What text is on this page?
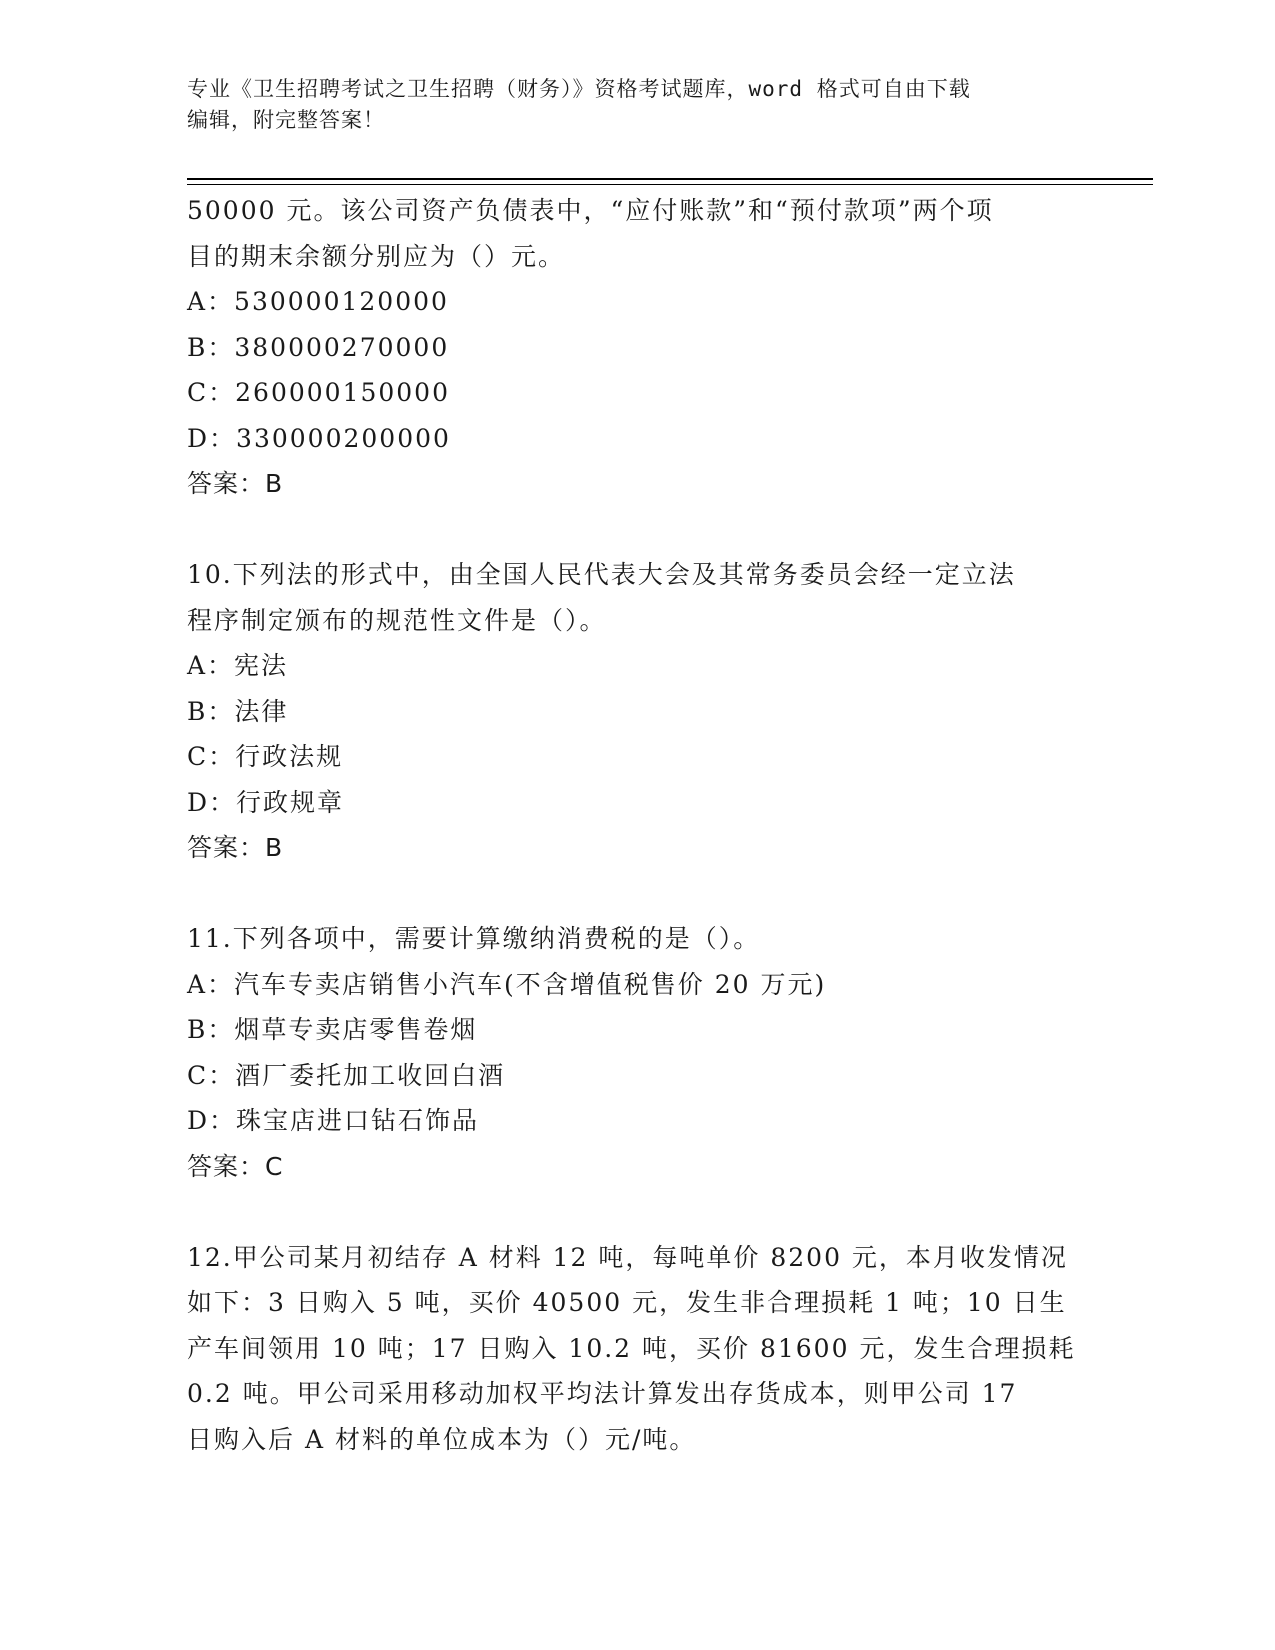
专业《卫生招聘考试之卫生招聘（财务）》资格考试题库，word 格式可自由下载
编辑，附完整答案！
50000 元。该公司资产负债表中，“应付账款”和“预付款项”两个项
目的期末余额分别应为（）元。
A：530000120000
B：380000270000
C：260000150000
D：330000200000
答案：B
10.下列法的形式中，由全国人民代表大会及其常务委员会经一定立法
程序制定颁布的规范性文件是（）。
A：宪法
B：法律
C：行政法规
D：行政规章
答案：B
11.下列各项中，需要计算缴纳消费税的是（）。
A：汽车专卖店销售小汽车(不含增值税售价 20 万元)
B：烟草专卖店零售卷烟
C：酒厂委托加工收回白酒
D：珠宝店进口钻石饰品
答案：C
12.甲公司某月初结存 A 材料 12 吨，每吨单价 8200 元，本月收发情况
如下：3 日购入 5 吨，买价 40500 元，发生非合理损耗 1 吨；10 日生
产车间领用 10 吨；17 日购入 10.2 吨，买价 81600 元，发生合理损耗
0.2 吨。甲公司采用移动加权平均法计算发出存货成本，则甲公司 17
日购入后 A 材料的单位成本为（）元/吨。
